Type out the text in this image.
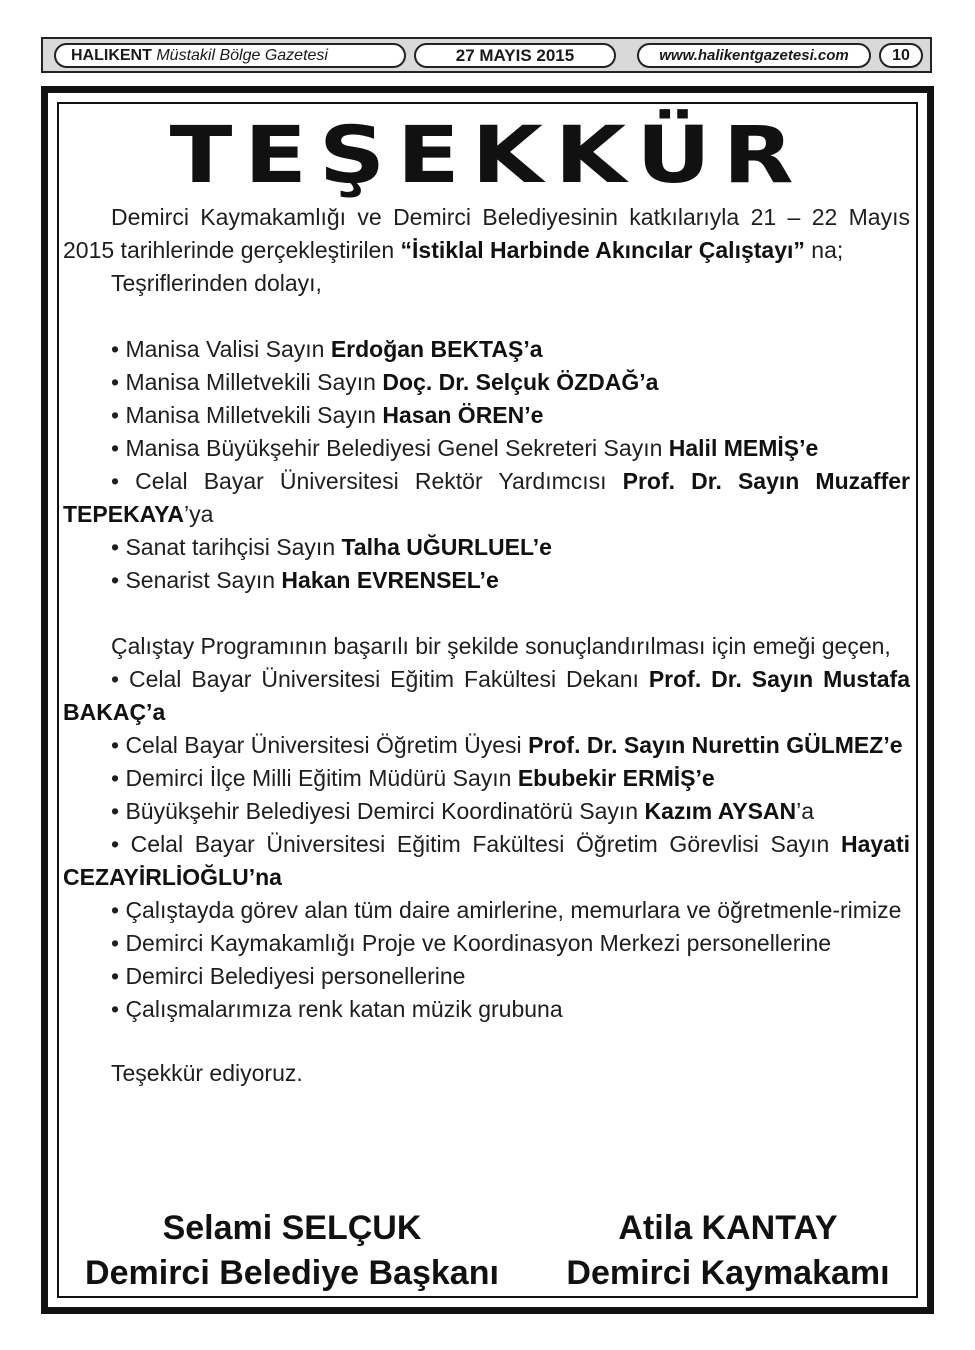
HALIKENT Müstakil Bölge Gazetesi	27 MAYIS 2015	www.halikentgazetesi.com	10
TEŞEKKÜR

Demirci Kaymakamlığı ve Demirci Belediyesinin katkılarıyla 21 – 22 Mayıs 2015 tarihlerinde gerçekleştirilen “İstiklal Harbinde Akıncılar Çalıştayı” na;

Teşriflerinden dolayı,

• Manisa Valisi Sayın Erdoğan BEKTAŞ’a

• Manisa Milletvekili Sayın Doç. Dr. Selçuk ÖZDAĞ’a

• Manisa Milletvekili Sayın Hasan ÖREN’e

• Manisa Büyükşehir Belediyesi Genel Sekreteri Sayın Halil MEMİŞ’e

• Celal Bayar Üniversitesi Rektör Yardımcısı Prof. Dr. Sayın Muzaffer TEPEKAYA’ya

• Sanat tarihçisi Sayın Talha UĞURLUEL’e

• Senarist Sayın Hakan EVRENSEL’e

Çalıştay Programının başarılı bir şekilde sonuçlandırılması için emeği geçen,

• Celal Bayar Üniversitesi Eğitim Fakültesi Dekanı Prof. Dr. Sayın Mustafa BAKAÇ’a

• Celal Bayar Üniversitesi Öğretim Üyesi Prof. Dr. Sayın Nurettin GÜLMEZ’e

• Demirci İlçe Milli Eğitim Müdürü Sayın Ebubekir ERMİŞ’e

• Büyükşehir Belediyesi Demirci Koordinatörü Sayın Kazım AYSAN’a

• Celal Bayar Üniversitesi Eğitim Fakültesi Öğretim Görevlisi Sayın Hayati CEZAYİRLİOĞLU’na

• Çalıştayda görev alan tüm daire amirlerine, memurlara ve öğretmenle-rimize

• Demirci Kaymakamlığı Proje ve Koordinasyon Merkezi personellerine

• Demirci Belediyesi personellerine

• Çalışmalarımıza renk katan müzik grubuna

Teşekkür ediyoruz.

Selami SELÇUK
Demirci Belediye Başkanı
Atila KANTAY
Demirci Kaymakamı
